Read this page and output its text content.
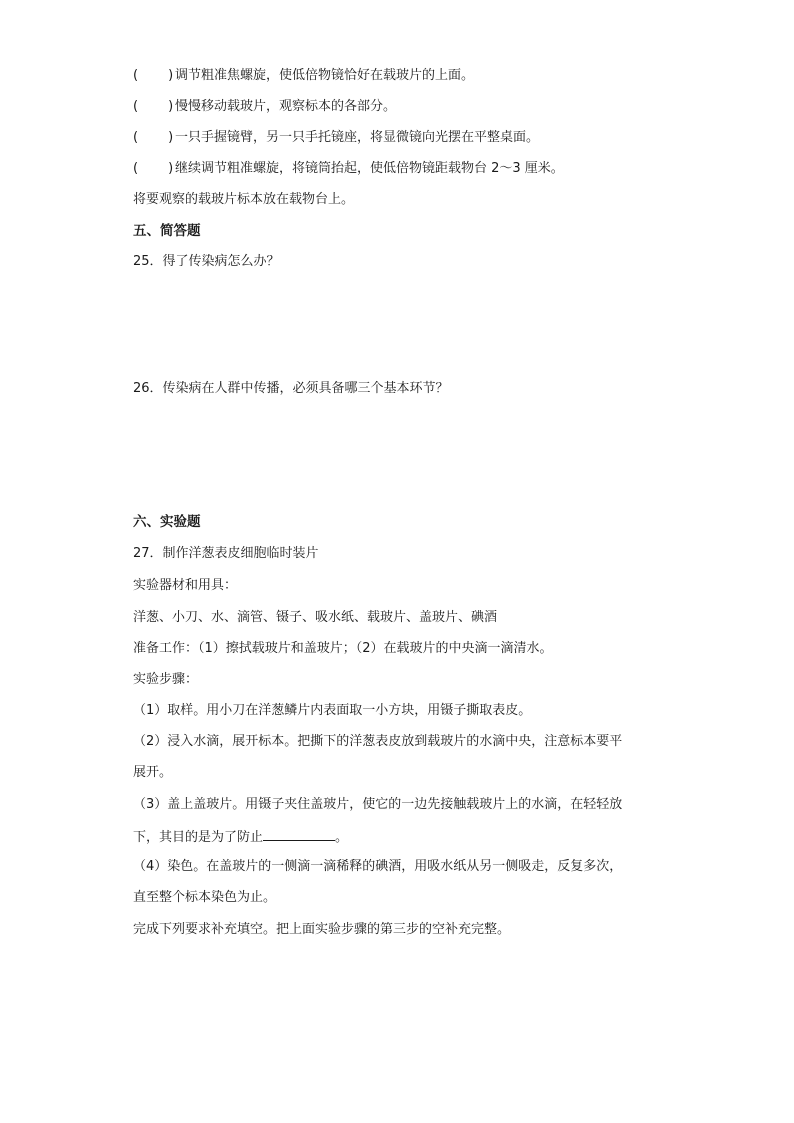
( ) 调节粗准焦螺旋，使低倍物镜恰好在载玻片的上面。
( ) 慢慢移动载玻片，观察标本的各部分。
( ) 一只手握镜臂，另一只手托镜座，将显微镜向光摆在平整桌面。
( ) 继续调节粗准螺旋，将镜筒抬起，使低倍物镜距载物台 2～3 厘米。
将要观察的载玻片标本放在载物台上。
五、简答题
25．得了传染病怎么办？
26．传染病在人群中传播，必须具备哪三个基本环节？
六、实验题
27．制作洋葱表皮细胞临时装片
实验器材和用具：
洋葱、小刀、水、滴管、镊子、吸水纸、载玻片、盖玻片、碘酒
准备工作：（1）擦拭载玻片和盖玻片；（2）在载玻片的中央滴一滴清水。
实验步骤：
（1）取样。用小刀在洋葱鳞片内表面取一小方块，用镊子撕取表皮。
（2）浸入水滴，展开标本。把撕下的洋葱表皮放到载玻片的水滴中央，注意标本要平
展开。
（3）盖上盖玻片。用镊子夹住盖玻片，使它的一边先接触载玻片上的水滴，在轻轻放
下，其目的是为了防止	。
（4）染色。在盖玻片的一侧滴一滴稀释的碘酒，用吸水纸从另一侧吸走，反复多次，
直至整个标本染色为止。
完成下列要求补充填空。把上面实验步骤的第三步的空补充完整。
